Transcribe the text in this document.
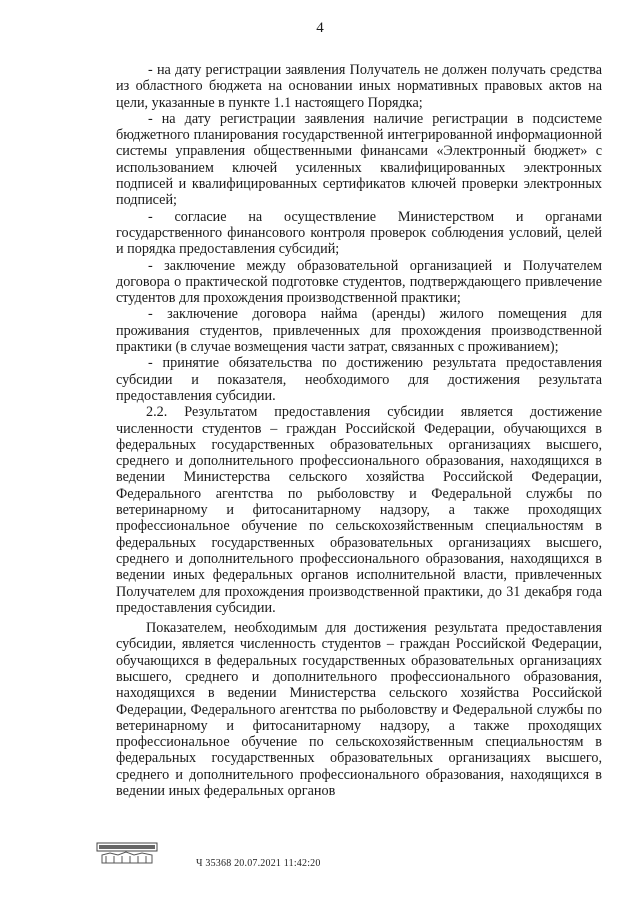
4

- на дату регистрации заявления Получатель не должен получать средства из областного бюджета на основании иных нормативных правовых актов на цели, указанные в пункте 1.1 настоящего Порядка;

- на дату регистрации заявления наличие регистрации в подсистеме бюджетного планирования государственной интегрированной информационной системы управления общественными финансами «Электронный бюджет» с использованием ключей усиленных квалифицированных электронных подписей и квалифицированных сертификатов ключей проверки электронных подписей;

- согласие на осуществление Министерством и органами государственного финансового контроля проверок соблюдения условий, целей и порядка предоставления субсидий;

- заключение между образовательной организацией и Получателем договора о практической подготовке студентов, подтверждающего привлечение студентов для прохождения производственной практики;

- заключение договора найма (аренды) жилого помещения для проживания студентов, привлеченных для прохождения производственной практики (в случае возмещения части затрат, связанных с проживанием);

- принятие обязательства по достижению результата предоставления субсидии и показателя, необходимого для достижения результата предоставления субсидии.

2.2. Результатом предоставления субсидии является достижение численности студентов – граждан Российской Федерации, обучающихся в федеральных государственных образовательных организациях высшего, среднего и дополнительного профессионального образования, находящихся в ведении Министерства сельского хозяйства Российской Федерации, Федерального агентства по рыболовству и Федеральной службы по ветеринарному и фитосанитарному надзору, а также проходящих профессиональное обучение по сельскохозяйственным специальностям в федеральных государственных образовательных организациях высшего, среднего и дополнительного профессионального образования, находящихся в ведении иных федеральных органов исполнительной власти, привлеченных Получателем для прохождения производственной практики, до 31 декабря года предоставления субсидии.

Показателем, необходимым для достижения результата предоставления субсидии, является численность студентов – граждан Российской Федерации, обучающихся в федеральных государственных образовательных организациях высшего, среднего и дополнительного профессионального образования, находящихся в ведении Министерства сельского хозяйства Российской Федерации, Федерального агентства по рыболовству и Федеральной службы по ветеринарному и фитосанитарному надзору, а также проходящих профессиональное обучение по сельскохозяйственным специальностям в федеральных государственных образовательных организациях высшего, среднего и дополнительного профессионального образования, находящихся в ведении иных федеральных органов

Ч 35368 20.07.2021 11:42:20
